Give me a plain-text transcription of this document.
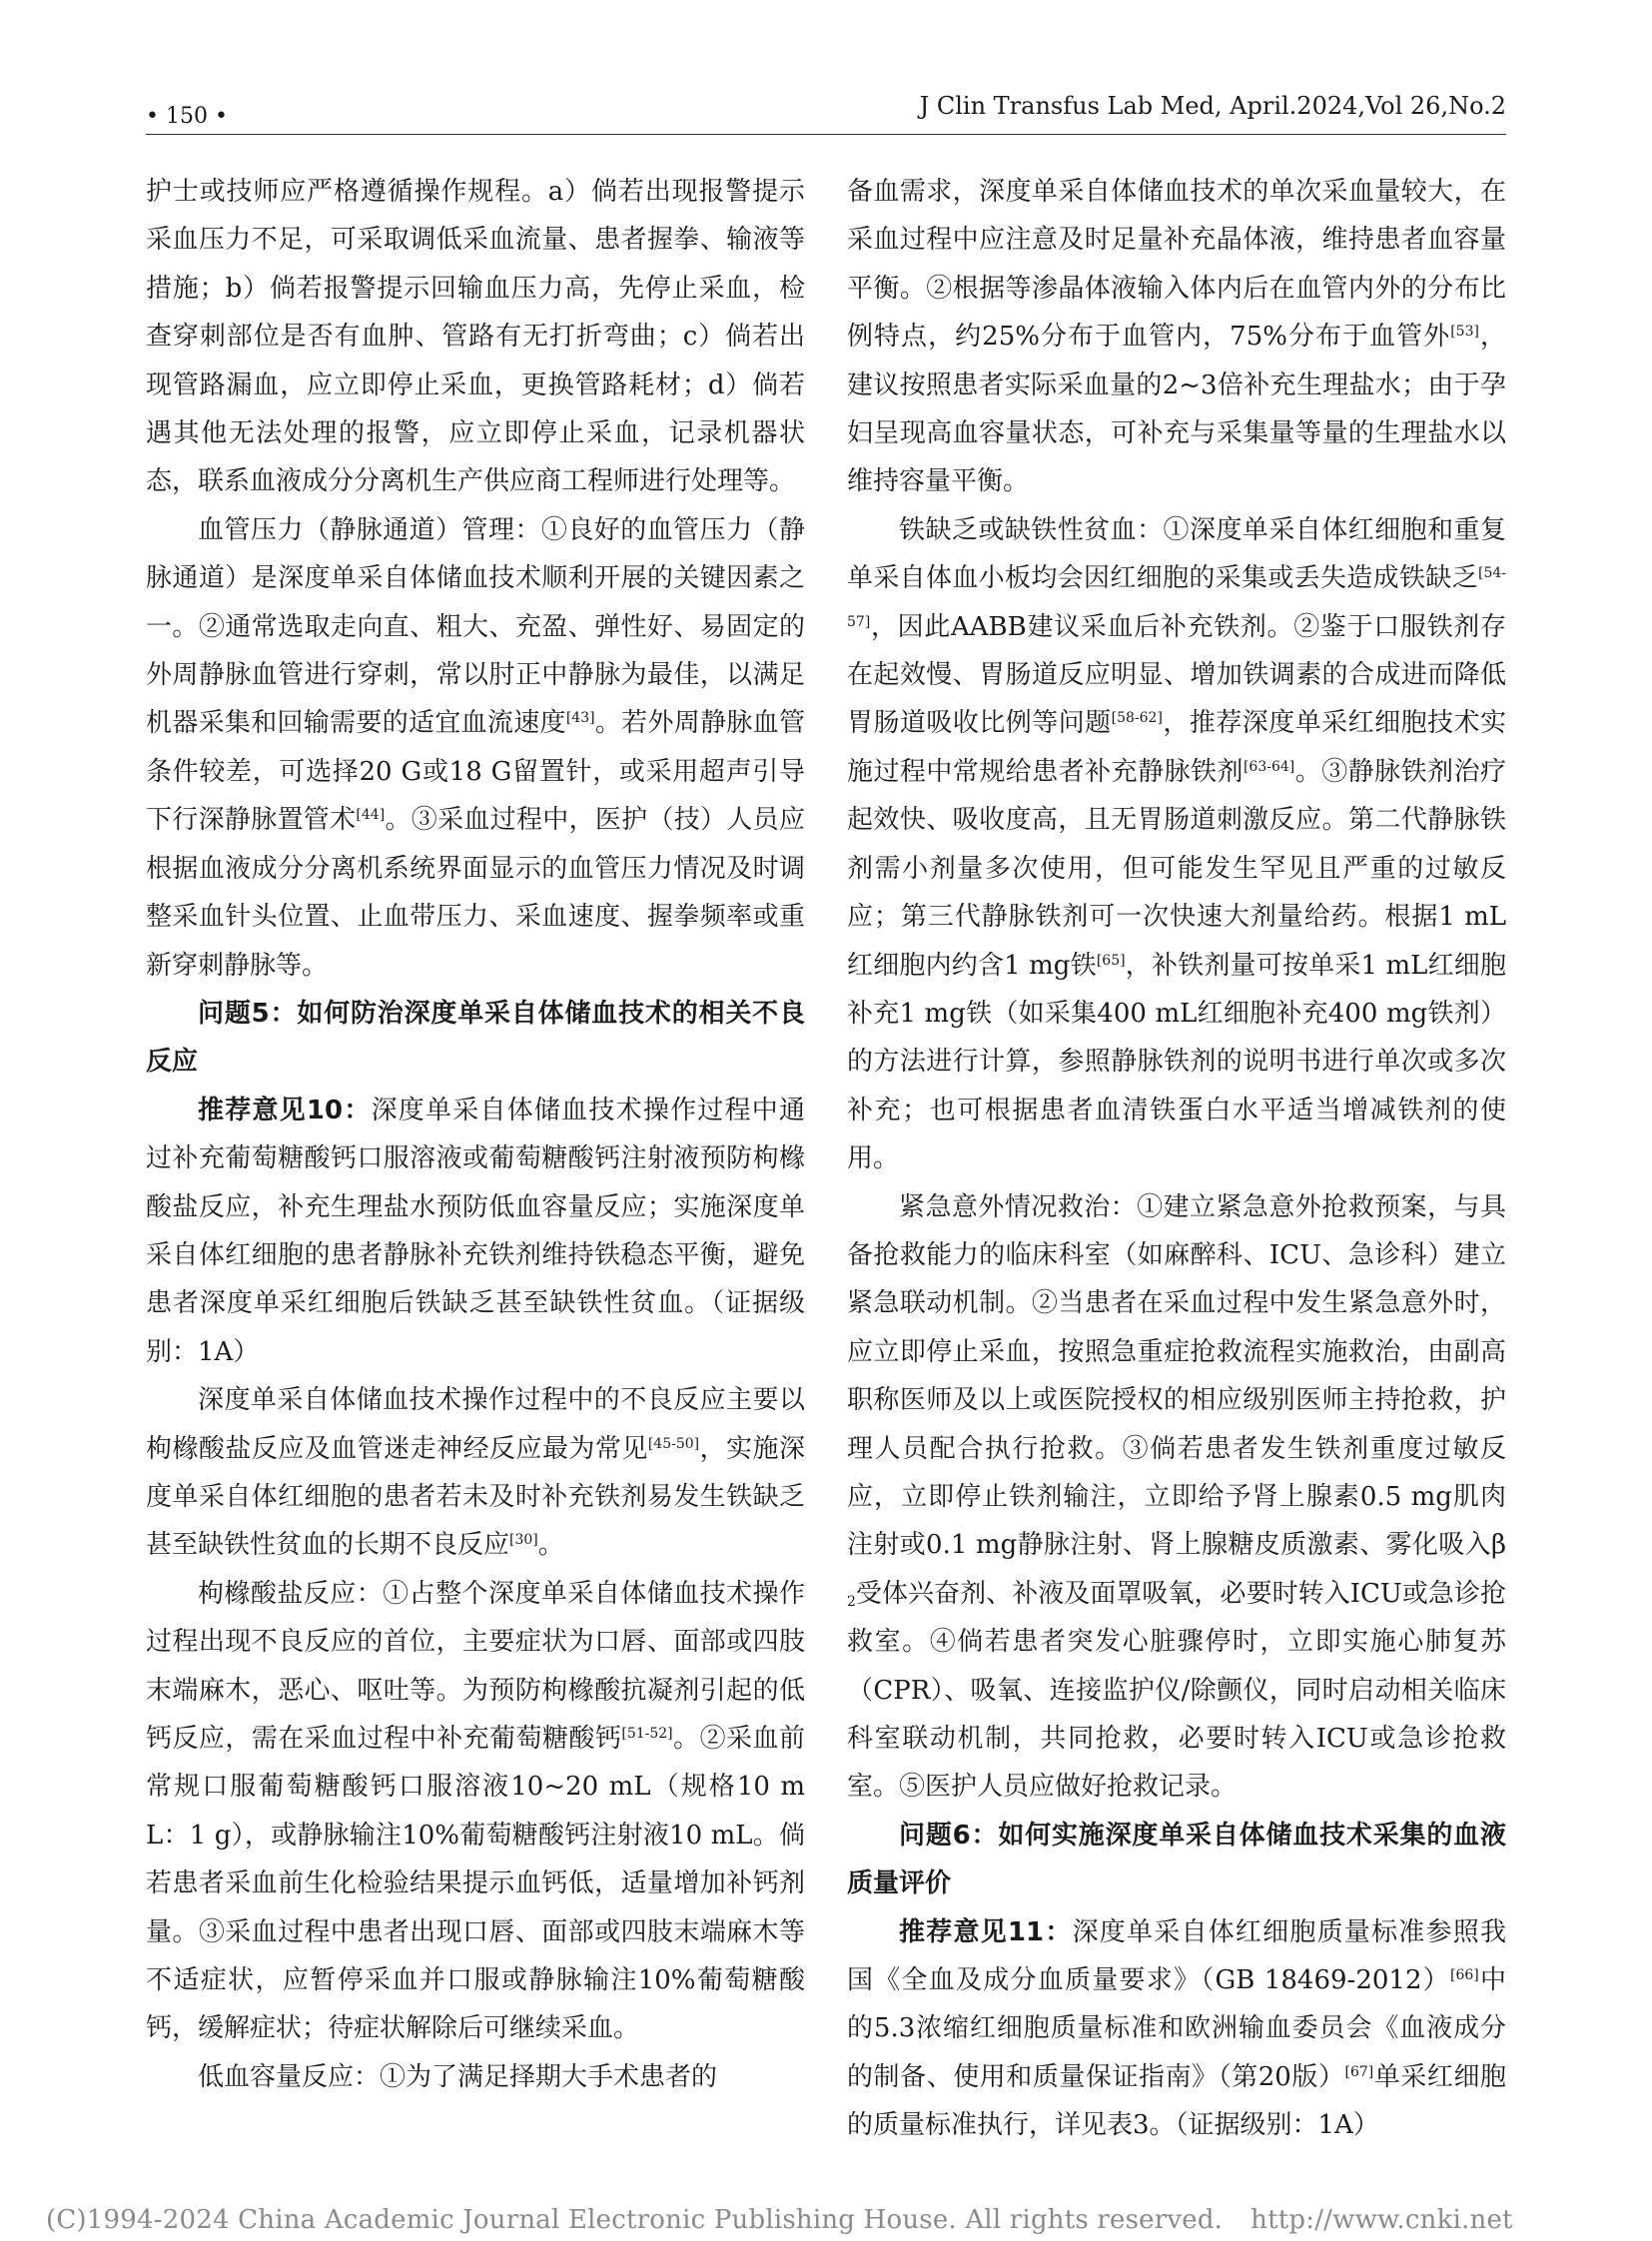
• 150 •	J Clin Transfus Lab Med, April.2024,Vol 26,No.2

护士或技师应严格遵循操作规程。a）倘若出现报警提示采血压力不足，可采取调低采血流量、患者握拳、输液等措施；b）倘若报警提示回输血压力高，先停止采血，检查穿刺部位是否有血肿、管路有无打折弯曲；c）倘若出现管路漏血，应立即停止采血，更换管路耗材；d）倘若遇其他无法处理的报警，应立即停止采血，记录机器状态，联系血液成分分离机生产供应商工程师进行处理等。

血管压力（静脉通道）管理：①良好的血管压力（静脉通道）是深度单采自体储血技术顺利开展的关键因素之一。②通常选取走向直、粗大、充盈、弹性好、易固定的外周静脉血管进行穿刺，常以肘正中静脉为最佳，以满足机器采集和回输需要的适宜血流速度[43]。若外周静脉血管条件较差，可选择20 G或18 G留置针，或采用超声引导下行深静脉置管术[44]。③采血过程中，医护（技）人员应根据血液成分分离机系统界面显示的血管压力情况及时调整采血针头位置、止血带压力、采血速度、握拳频率或重新穿刺静脉等。

问题5：如何防治深度单采自体储血技术的相关不良反应

推荐意见10：深度单采自体储血技术操作过程中通过补充葡萄糖酸钙口服溶液或葡萄糖酸钙注射液预防枸橼酸盐反应，补充生理盐水预防低血容量反应；实施深度单采自体红细胞的患者静脉补充铁剂维持铁稳态平衡，避免患者深度单采红细胞后铁缺乏甚至缺铁性贫血。（证据级别：1A）

深度单采自体储血技术操作过程中的不良反应主要以枸橼酸盐反应及血管迷走神经反应最为常见[45-50]，实施深度单采自体红细胞的患者若未及时补充铁剂易发生铁缺乏甚至缺铁性贫血的长期不良反应[30]。

枸橼酸盐反应：①占整个深度单采自体储血技术操作过程出现不良反应的首位，主要症状为口唇、面部或四肢末端麻木，恶心、呕吐等。为预防枸橼酸抗凝剂引起的低钙反应，需在采血过程中补充葡萄糖酸钙[51-52]。②采血前常规口服葡萄糖酸钙口服溶液10~20 mL（规格10 mL：1 g），或静脉输注10%葡萄糖酸钙注射液10 mL。倘若患者采血前生化检验结果提示血钙低，适量增加补钙剂量。③采血过程中患者出现口唇、面部或四肢末端麻木等不适症状，应暂停采血并口服或静脉输注10%葡萄糖酸钙，缓解症状；待症状解除后可继续采血。

低血容量反应：①为了满足择期大手术患者的

备血需求，深度单采自体储血技术的单次采血量较大，在采血过程中应注意及时足量补充晶体液，维持患者血容量平衡。②根据等渗晶体液输入体内后在血管内外的分布比例特点，约25%分布于血管内，75%分布于血管外[53]，建议按照患者实际采血量的2~3倍补充生理盐水；由于孕妇呈现高血容量状态，可补充与采集量等量的生理盐水以维持容量平衡。

铁缺乏或缺铁性贫血：①深度单采自体红细胞和重复单采自体血小板均会因红细胞的采集或丢失造成铁缺乏[54-57]，因此AABB建议采血后补充铁剂。②鉴于口服铁剂存在起效慢、胃肠道反应明显、增加铁调素的合成进而降低胃肠道吸收比例等问题[58-62]，推荐深度单采红细胞技术实施过程中常规给患者补充静脉铁剂[63-64]。③静脉铁剂治疗起效快、吸收度高，且无胃肠道刺激反应。第二代静脉铁剂需小剂量多次使用，但可能发生罕见且严重的过敏反应；第三代静脉铁剂可一次快速大剂量给药。根据1 mL红细胞内约含1 mg铁[65]，补铁剂量可按单采1 mL红细胞补充1 mg铁（如采集400 mL红细胞补充400 mg铁剂）的方法进行计算，参照静脉铁剂的说明书进行单次或多次补充；也可根据患者血清铁蛋白水平适当增减铁剂的使用。

紧急意外情况救治：①建立紧急意外抢救预案，与具备抢救能力的临床科室（如麻醉科、ICU、急诊科）建立紧急联动机制。②当患者在采血过程中发生紧急意外时，应立即停止采血，按照急重症抢救流程实施救治，由副高职称医师及以上或医院授权的相应级别医师主持抢救，护理人员配合执行抢救。③倘若患者发生铁剂重度过敏反应，立即停止铁剂输注，立即给予肾上腺素0.5 mg肌肉注射或0.1 mg静脉注射、肾上腺糖皮质激素、雾化吸入$\beta_2$受体兴奋剂、补液及面罩吸氧，必要时转入ICU或急诊抢救室。④倘若患者突发心脏骤停时，立即实施心肺复苏（CPR）、吸氧、连接监护仪/除颤仪，同时启动相关临床科室联动机制，共同抢救，必要时转入ICU或急诊抢救室。⑤医护人员应做好抢救记录。

问题6：如何实施深度单采自体储血技术采集的血液质量评价

推荐意见11：深度单采自体红细胞质量标准参照我国《全血及成分血质量要求》（GB 18469-2012）[66]中的5.3浓缩红细胞质量标准和欧洲输血委员会《血液成分的制备、使用和质量保证指南》（第20版）[67]单采红细胞的质量标准执行，详见表3。（证据级别：1A）

(C)1994-2024 China Academic Journal Electronic Publishing House. All rights reserved. http://www.cnki.net
